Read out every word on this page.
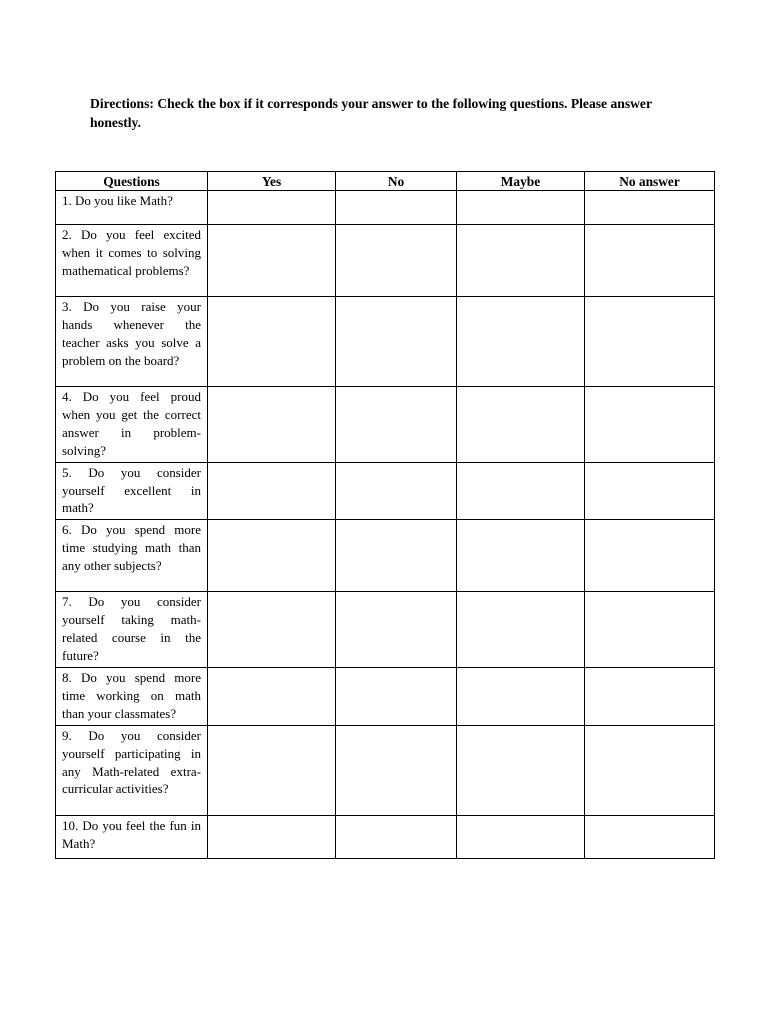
Directions: Check the box if it corresponds your answer to the following questions. Please answer honestly.
Questions	Yes	No	Maybe	No answer
1. Do you like Math?				
2. Do you feel excited when it comes to solving mathematical problems?				
3. Do you raise your hands whenever the teacher asks you solve a problem on the board?				
4. Do you feel proud when you get the correct answer in problem-solving?				
5. Do you consider yourself excellent in math?				
6. Do you spend more time studying math than any other subjects?				
7. Do you consider yourself taking math-related course in the future?				
8. Do you spend more time working on math than your classmates?				
9. Do you consider yourself participating in any Math-related extra-curricular activities?				
10. Do you feel the fun in Math?				
